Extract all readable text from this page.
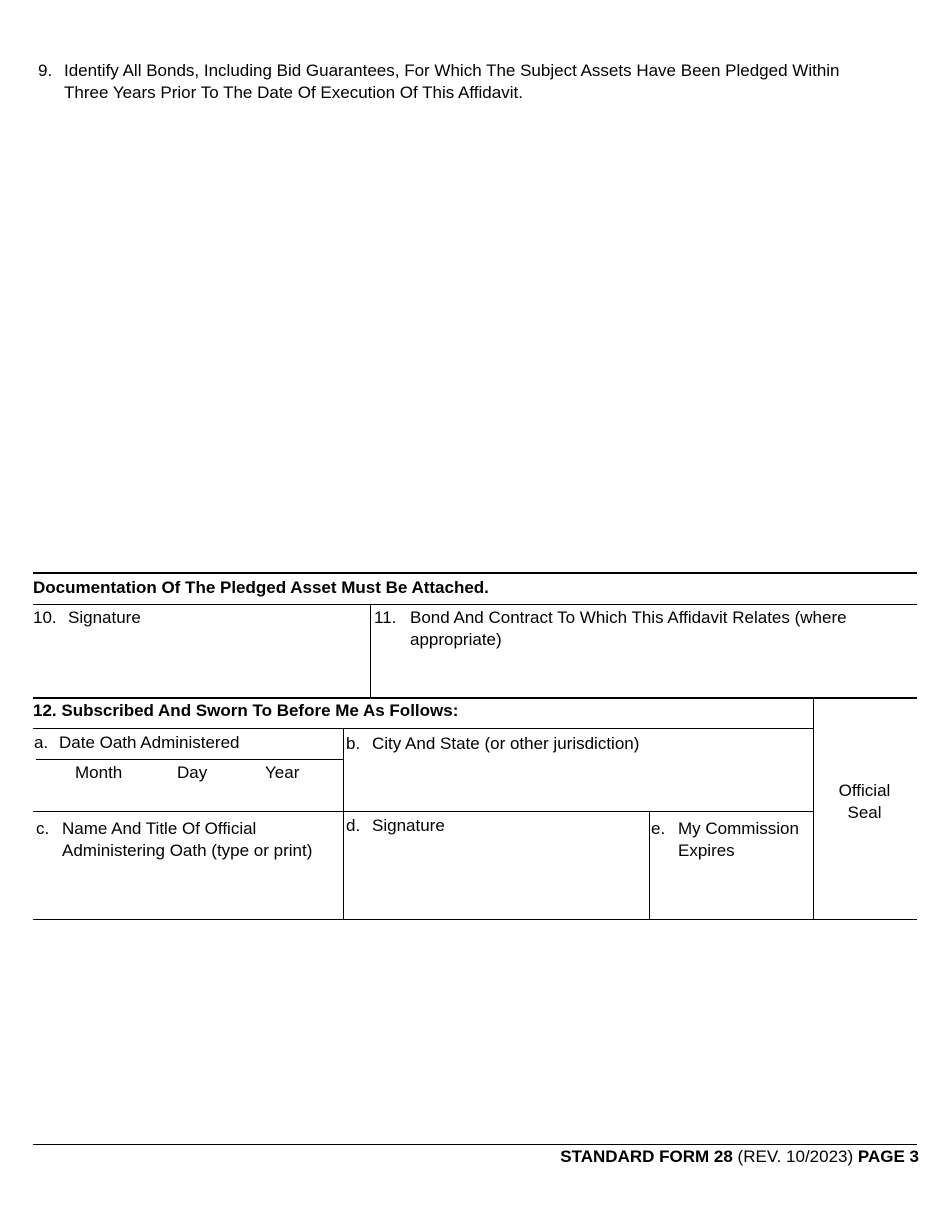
9. Identify All Bonds, Including Bid Guarantees, For Which The Subject Assets Have Been Pledged Within
Three Years Prior To The Date Of Execution Of This Affidavit.
Documentation Of The Pledged Asset Must Be Attached.
10. Signature	11. Bond And Contract To Which This Affidavit Relates (where
appropriate)
12. Subscribed And Sworn To Before Me As Follows:
Official
Seal
a. Date Oath Administered
Month	Day	Year
b. City And State (or other jurisdiction)
c. Name And Title Of Official
Administering Oath (type or print)
d. Signature	e. My Commission
Expires
STANDARD FORM 28 (REV. 10/2023) PAGE 3
